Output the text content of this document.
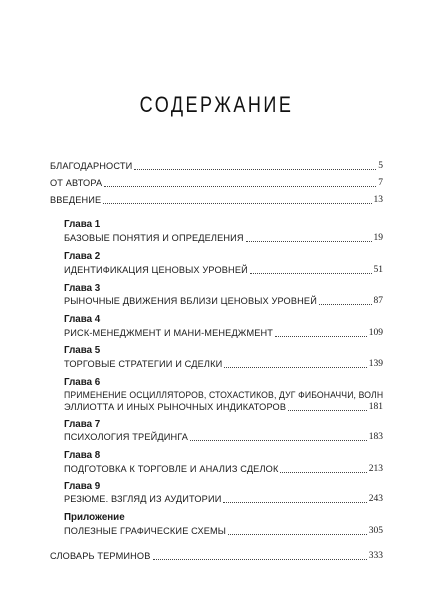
СОДЕРЖАНИЕ
БЛАГОДАРНОСТИ	5
ОТ АВТОРА	7
ВВЕДЕНИЕ	13
Глава 1
БАЗОВЫЕ ПОНЯТИЯ И ОПРЕДЕЛЕНИЯ	19
Глава 2
ИДЕНТИФИКАЦИЯ ЦЕНОВЫХ УРОВНЕЙ	51
Глава 3
РЫНОЧНЫЕ ДВИЖЕНИЯ ВБЛИЗИ ЦЕНОВЫХ УРОВНЕЙ	87
Глава 4
РИСК-МЕНЕДЖМЕНТ И МАНИ-МЕНЕДЖМЕНТ	109
Глава 5
ТОРГОВЫЕ СТРАТЕГИИ И СДЕЛКИ	139
Глава 6
ПРИМЕНЕНИЕ ОСЦИЛЛЯТОРОВ, СТОХАСТИКОВ, ДУГ ФИБОНАЧЧИ, ВОЛН
ЭЛЛИОТТА И ИНЫХ РЫНОЧНЫХ ИНДИКАТОРОВ	181
Глава 7
ПСИХОЛОГИЯ ТРЕЙДИНГА	183
Глава 8
ПОДГОТОВКА К ТОРГОВЛЕ И АНАЛИЗ СДЕЛОК	213
Глава 9
РЕЗЮМЕ. ВЗГЛЯД ИЗ АУДИТОРИИ	243
Приложение
ПОЛЕЗНЫЕ ГРАФИЧЕСКИЕ СХЕМЫ	305
СЛОВАРЬ ТЕРМИНОВ	333
